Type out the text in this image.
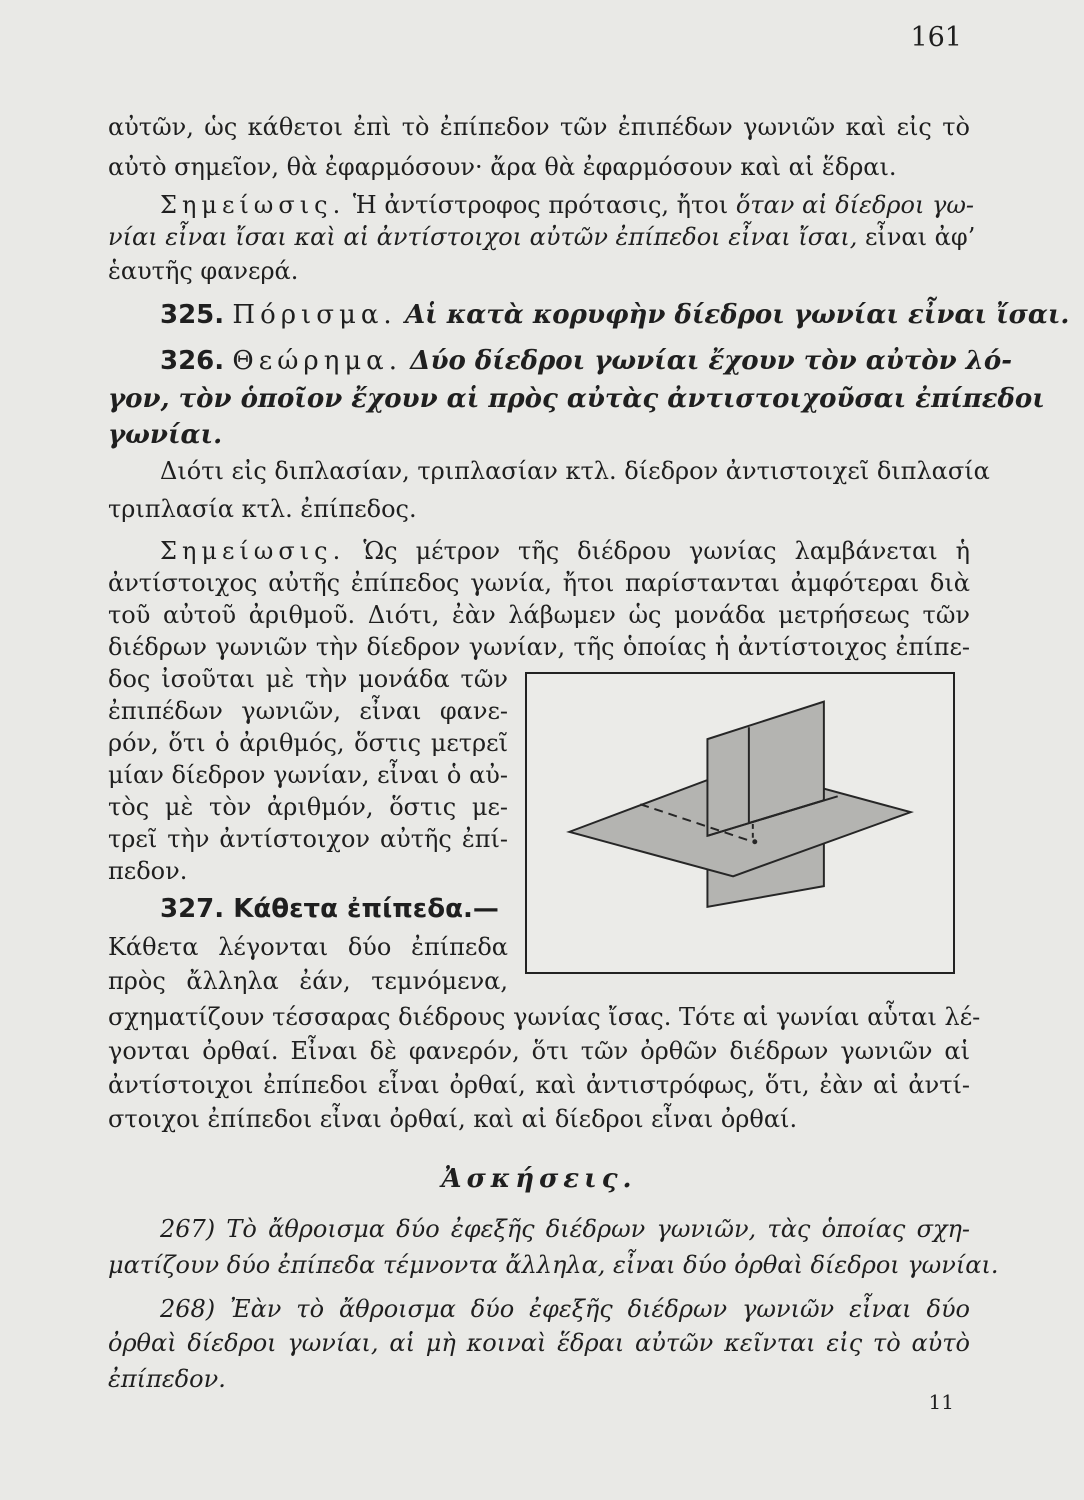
161
αὐτῶν, ὡς κάθετοι ἐπὶ τὸ ἐπίπεδον τῶν ἐπιπέδων γωνιῶν καὶ εἰς τὸ
αὐτὸ σημεῖον, θὰ ἐφαρμόσουν· ἄρα θὰ ἐφαρμόσουν καὶ αἱ ἕδραι.
Σημείωσις. Ἡ ἀντίστροφος πρότασις, ἤτοι ὅταν αἱ δίεδροι γω-
νίαι εἶναι ἴσαι καὶ αἱ ἀντίστοιχοι αὐτῶν ἐπίπεδοι εἶναι ἴσαι, εἶναι ἀφ’
ἑαυτῆς φανερά.
325. Πόρισμα. Αἱ κατὰ κορυφὴν δίεδροι γωνίαι εἶναι ἴσαι.
326. Θεώρημα. Δύο δίεδροι γωνίαι ἔχουν τὸν αὐτὸν λό-
γον, τὸν ὁποῖον ἔχουν αἱ πρὸς αὐτὰς ἀντιστοιχοῦσαι ἐπίπεδοι
γωνίαι.
Διότι εἰς διπλασίαν, τριπλασίαν κτλ. δίεδρον ἀντιστοιχεῖ διπλασία
τριπλασία κτλ. ἐπίπεδος.
Σημείωσις. Ὡς μέτρον τῆς διέδρου γωνίας λαμβάνεται ἡ
ἀντίστοιχος αὐτῆς ἐπίπεδος γωνία, ἤτοι παρίστανται ἀμφότεραι διὰ
τοῦ αὐτοῦ ἀριθμοῦ. Διότι, ἐὰν λάβωμεν ὡς μονάδα μετρήσεως τῶν
διέδρων γωνιῶν τὴν δίεδρον γωνίαν, τῆς ὁποίας ἡ ἀντίστοιχος ἐπίπε-
δος ἰσοῦται μὲ τὴν μονάδα τῶν
ἐπιπέδων γωνιῶν, εἶναι φανε-
ρόν, ὅτι ὁ ἀριθμός, ὅστις μετρεῖ
μίαν δίεδρον γωνίαν, εἶναι ὁ αὐ-
τὸς μὲ τὸν ἀριθμόν, ὅστις με-
τρεῖ τὴν ἀντίστοιχον αὐτῆς ἐπί-
πεδον.
327. Κάθετα ἐπίπεδα.—
Κάθετα λέγονται δύο ἐπίπεδα
πρὸς ἄλληλα ἐάν, τεμνόμενα,
σχηματίζουν τέσσαρας διέδρους γωνίας ἴσας. Τότε αἱ γωνίαι αὗται λέ-
γονται ὀρθαί. Εἶναι δὲ φανερόν, ὅτι τῶν ὀρθῶν διέδρων γωνιῶν αἱ
ἀντίστοιχοι ἐπίπεδοι εἶναι ὀρθαί, καὶ ἀντιστρόφως, ὅτι, ἐὰν αἱ ἀντί-
στοιχοι ἐπίπεδοι εἶναι ὀρθαί, καὶ αἱ δίεδροι εἶναι ὀρθαί.
Ἀσκήσεις.
267) Τὸ ἄθροισμα δύο ἐφεξῆς διέδρων γωνιῶν, τὰς ὁποίας σχη-
ματίζουν δύο ἐπίπεδα τέμνοντα ἄλληλα, εἶναι δύο ὀρθαὶ δίεδροι γωνίαι.
268) Ἐὰν τὸ ἄθροισμα δύο ἐφεξῆς διέδρων γωνιῶν εἶναι δύο
ὀρθαὶ δίεδροι γωνίαι, αἱ μὴ κοιναὶ ἕδραι αὐτῶν κεῖνται εἰς τὸ αὐτὸ
ἐπίπεδον.
11
